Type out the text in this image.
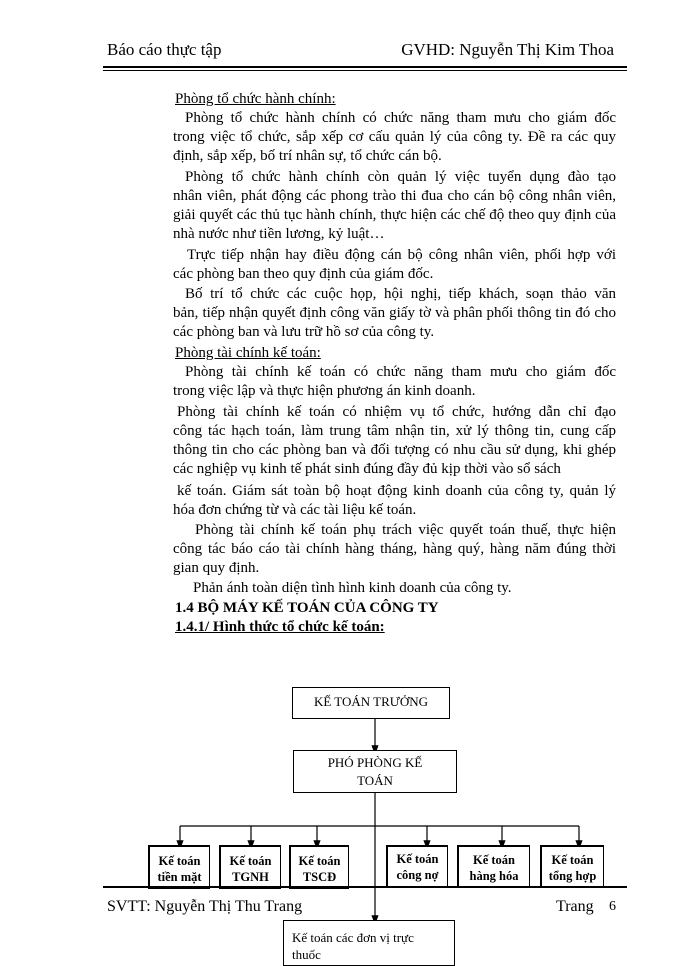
Báo cáo thực tập	GVHD: Nguyễn Thị Kim Thoa
Phòng tổ chức hành chính:
Phòng tổ chức hành chính có chức năng tham mưu cho giám đốc
trong việc tổ chức, sắp xếp cơ cấu quản lý của công ty. Đề ra các quy
định, sắp xếp, bố trí nhân sự, tổ chức cán bộ.
Phòng tổ chức hành chính còn quản lý việc tuyển dụng đào tạo
nhân viên, phát động các phong trào thi đua cho cán bộ công nhân viên,
giải quyết các thủ tục hành chính, thực hiện các chế độ theo quy định của
nhà nước như tiền lương, kỷ luật…
Trực tiếp nhận hay điều động cán bộ công nhân viên, phối hợp với
các phòng ban theo quy định của giám đốc.
Bố trí tổ chức các cuộc họp, hội nghị, tiếp khách, soạn thảo văn
bản, tiếp nhận quyết định công văn giấy tờ và phân phối thông tin đó cho
các phòng ban và lưu trữ hồ sơ của công ty.
Phòng tài chính kế toán:
Phòng tài chính kế toán có chức năng tham mưu cho giám đốc
trong việc lập và thực hiện phương án kinh doanh.
Phòng tài chính kế toán có nhiệm vụ tổ chức, hướng dẫn chỉ đạo
công tác hạch toán, làm trung tâm nhận tin, xử lý thông tin, cung cấp
thông tin cho các phòng ban và đối tượng có nhu cầu sử dụng, khi ghép
các nghiệp vụ kinh tế phát sinh đúng đầy đủ kịp thời vào sổ sách
kế toán. Giám sát toàn bộ hoạt động kinh doanh của công ty, quản lý
hóa đơn chứng từ và các tài liệu kế toán.
Phòng tài chính kế toán phụ trách việc quyết toán thuế, thực hiện
công tác báo cáo tài chính hàng tháng, hàng quý, hàng năm đúng thời
gian quy định.
Phản ánh toàn diện tình hình kinh doanh của công ty.
1.4 BỘ MÁY KẾ TOÁN CỦA CÔNG TY
1.4.1/ Hình thức tổ chức kế toán:
KẾ TOÁN TRƯỞNG
PHÓ PHÒNG KẾ
TOÁN
Kế toán
tiền mặt
Kế toán
TGNH
Kế toán
TSCĐ
Kế toán
công nợ
Kế toán
hàng hóa
Kế toán
tổng hợp
Kế toán các đơn vị trực
thuốc
SVTT: Nguyễn Thị Thu Trang	Trang 6
